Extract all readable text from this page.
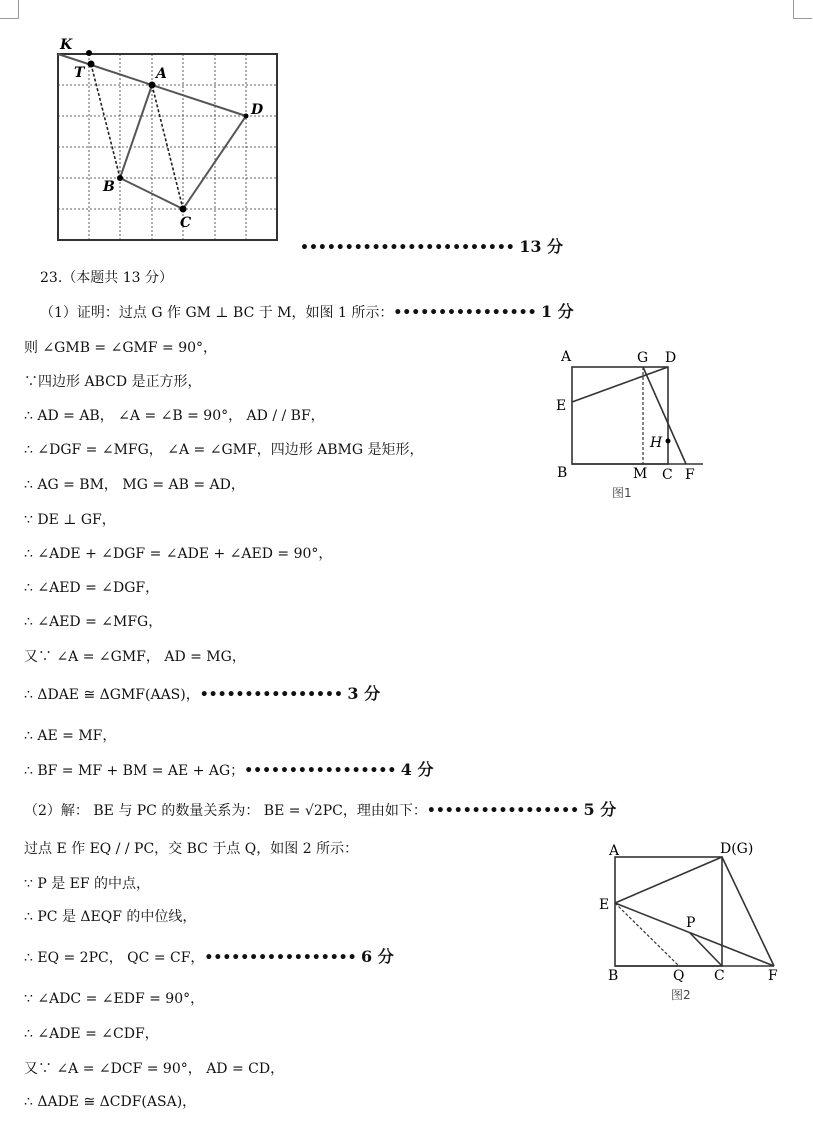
K
T	A
B
C
D
•••••••••••••••••••••••• 13 分
23.（本题共 13 分）
（1）证明：过点 G 作 GM ⊥ BC 于 M，如图 1 所示：•••••••••••••••• 1 分
则 ∠GMB = ∠GMF = 90°，
∵四边形 ABCD 是正方形，
∴ AD = AB， ∠A = ∠B = 90°， AD / / BF，
∴ ∠DGF = ∠MFG， ∠A = ∠GMF，四边形 ABMG 是矩形，
∴ AG = BM， MG = AB = AD，
∵ DE ⊥ GF，
∴ ∠ADE + ∠DGF = ∠ADE + ∠AED = 90°，
∴ ∠AED = ∠DGF，
∴ ∠AED = ∠MFG，
又∵ ∠A = ∠GMF， AD = MG，
∴ ΔDAE ≅ ΔGMF(AAS)，•••••••••••••••• 3 分
∴ AE = MF，
∴ BF = MF + BM = AE + AG；••••••••••••••••• 4 分
（2）解： BE 与 PC 的数量关系为： BE = √2PC，理由如下：••••••••••••••••• 5 分
过点 E 作 EQ / / PC，交 BC 于点 Q，如图 2 所示：
∵ P 是 EF 的中点，
∴ PC 是 ΔEQF 的中位线，
∴ EQ = 2PC， QC = CF，••••••••••••••••• 6 分
∵ ∠ADC = ∠EDF = 90°，
∴ ∠ADE = ∠CDF，
又∵ ∠A = ∠DCF = 90°， AD = CD，
∴ ΔADE ≅ ΔCDF(ASA)，
A	G D
E
H
B	M C F
图1
A	D(G)
E
P
B	Q C	F
图2
